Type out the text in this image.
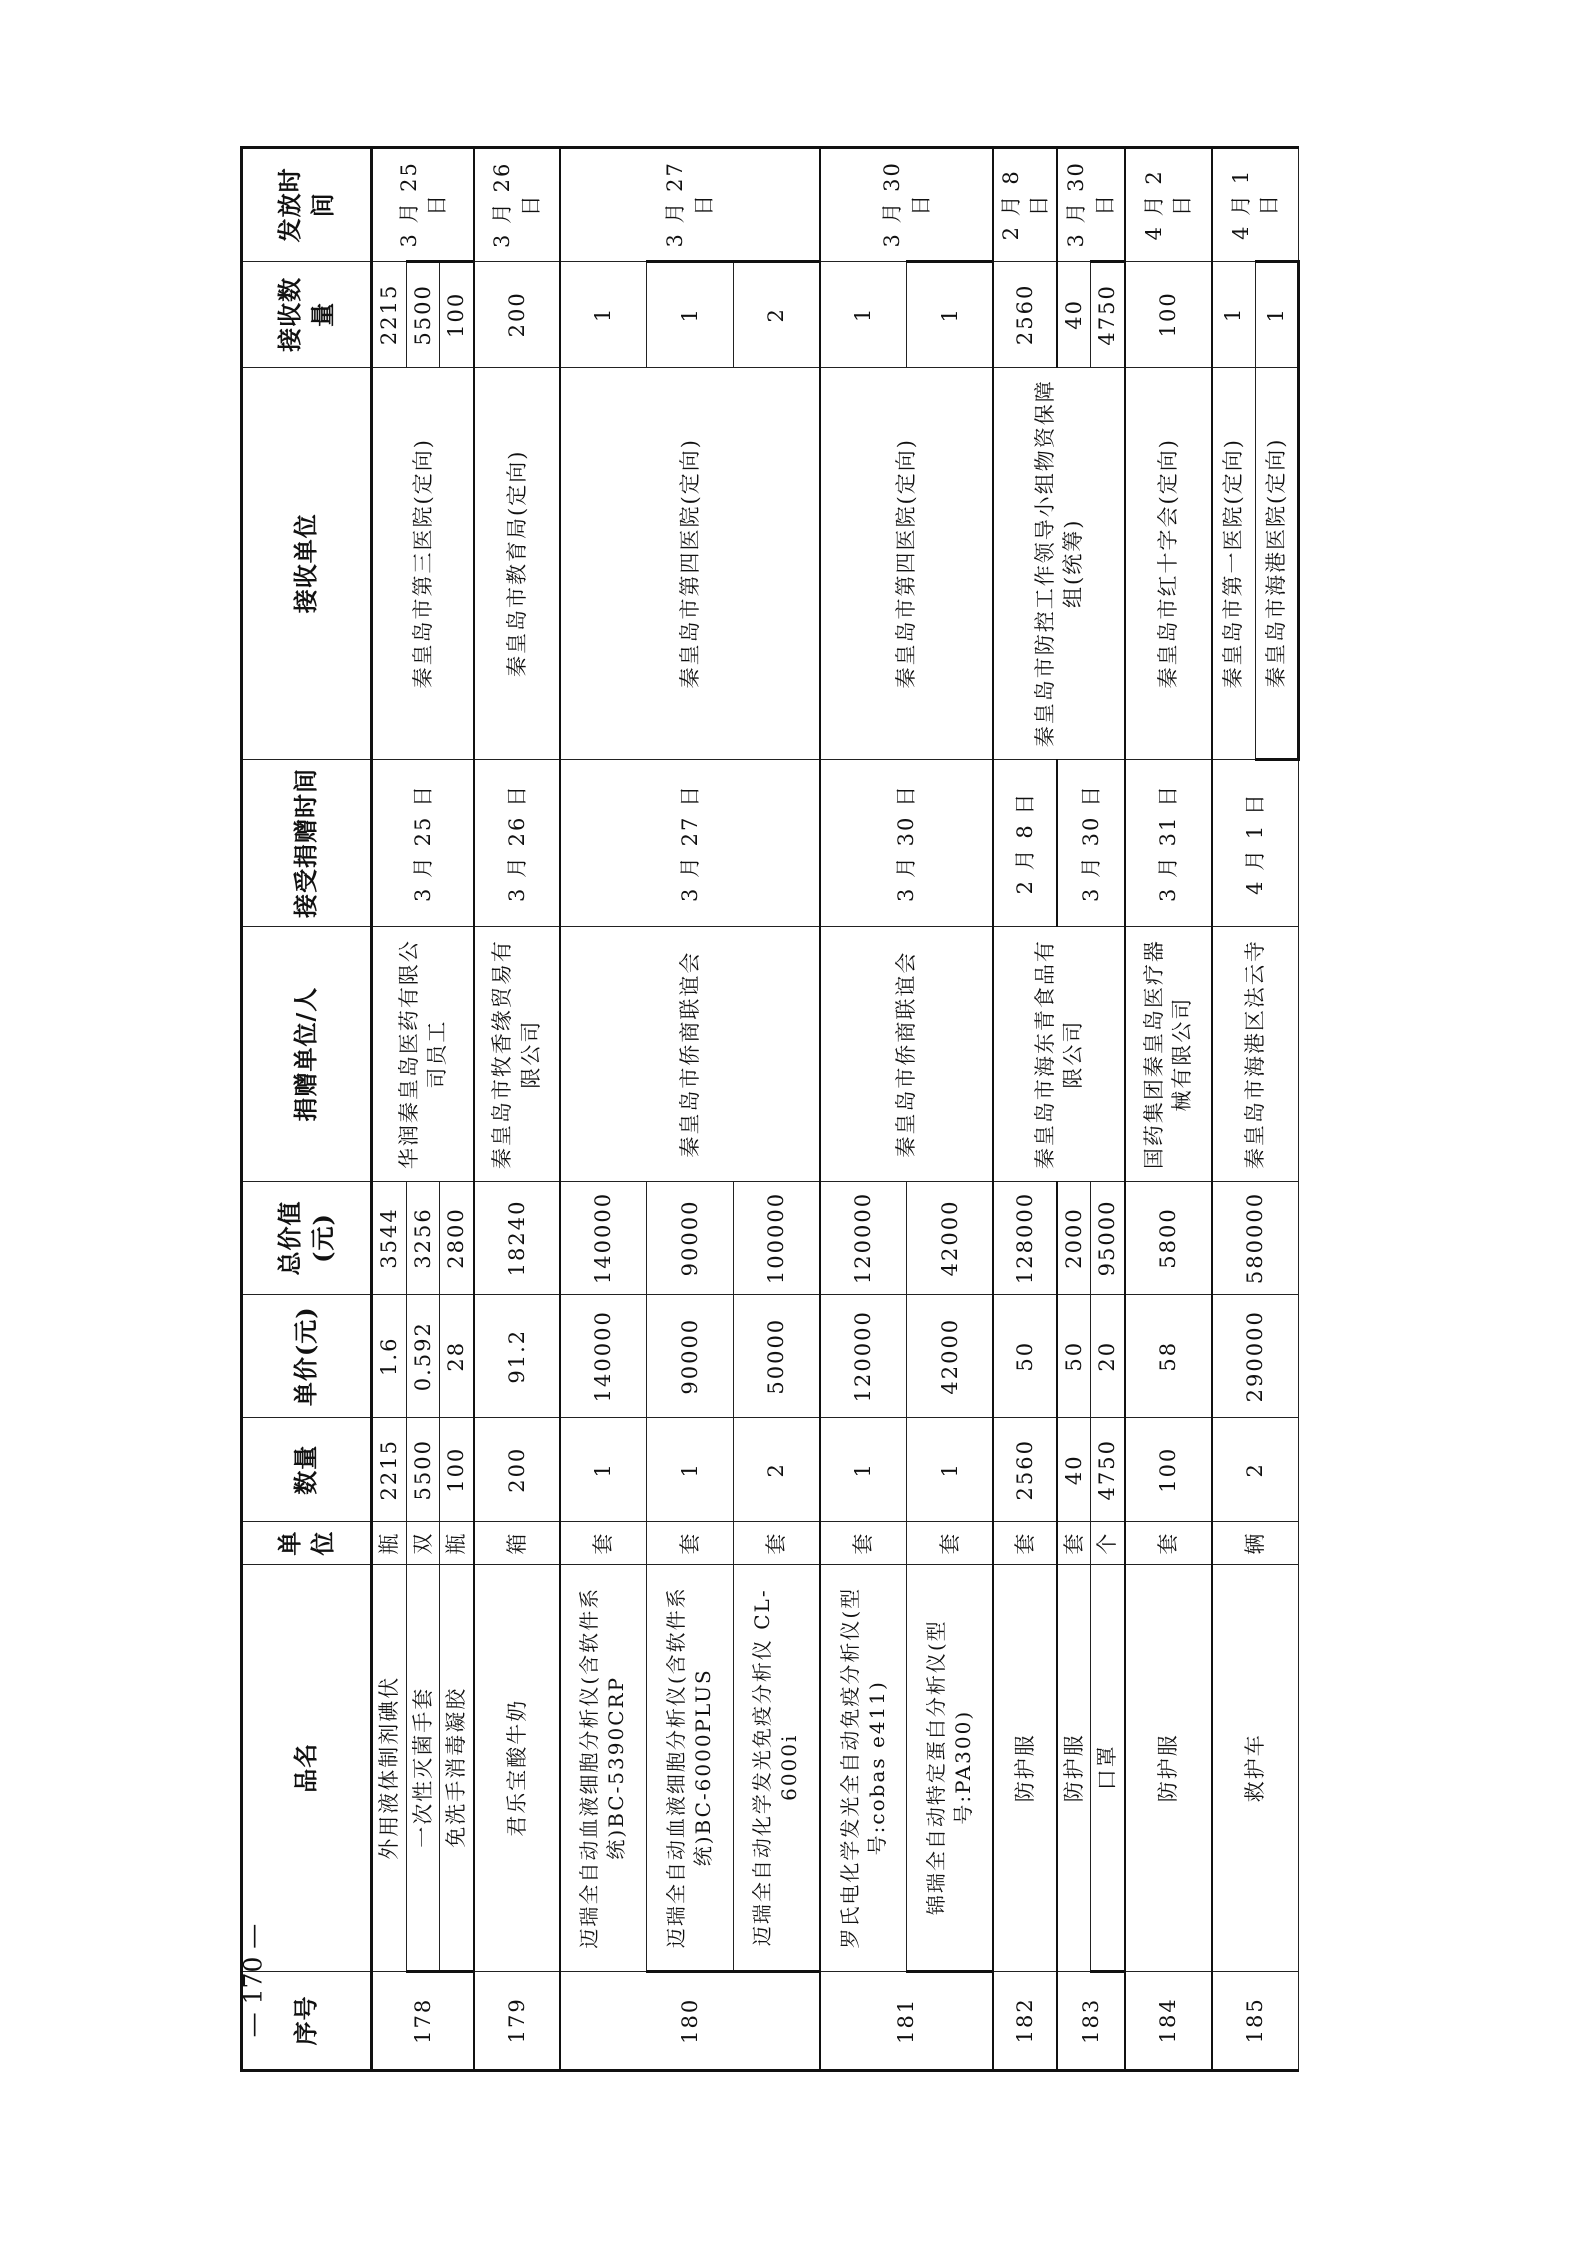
序号	品名	单位	数量	单价(元)	总价值(元)	捐赠单位/人	接受捐赠时间	接收单位	接收数量	发放时间
178	外用液体制剂碘伏	瓶	2215	1.6	3544	华润秦皇岛医药有限公司员工	3 月 25 日	秦皇岛市第三医院(定向)	2215	3 月 25 日
	一次性灭菌手套	双	5500	0.592	3256				5500	
	免洗手消毒凝胶	瓶	100	28	2800				100	
179	君乐宝酸牛奶	箱	200	91.2	18240	秦皇岛市牧香缘贸易有限公司	3 月 26 日	秦皇岛市教育局(定向)	200	3 月 26 日
180	迈瑞全自动血液细胞分析仪(含软件系统)BC-5390CRP	套	1	140000	140000	秦皇岛市侨商联谊会	3 月 27 日	秦皇岛市第四医院(定向)	1	3 月 27 日
	迈瑞全自动血液细胞分析仪(含软件系统)BC-6000PLUS	套	1	90000	90000				1	
	迈瑞全自动化学发光免疫分析仪 CL-6000i	套	2	50000	100000				2	
181	罗氏电化学发光全自动免疫分析仪(型号:cobas e411)	套	1	120000	120000	秦皇岛市侨商联谊会	3 月 30 日	秦皇岛市第四医院(定向)	1	3 月 30 日
	锦瑞全自动特定蛋白分析仪(型号:PA300)	套	1	42000	42000				1	
182	防护服	套	2560	50	128000	秦皇岛市海东青食品有限公司	2 月 8 日	秦皇岛市防控工作领导小组物资保障组(统筹)	2560	2 月 8 日
183	防护服	套	40	50	2000		3 月 30 日		40	3 月 30 日
	口罩	个	4750	20	95000				4750	
184	防护服	套	100	58	5800	国药集团秦皇岛医疗器械有限公司	3 月 31 日	秦皇岛市红十字会(定向)	100	4 月 2 日
185	救护车	辆	2	290000	580000	秦皇岛市海港区法云寺	4 月 1 日	秦皇岛市第一医院(定向)	1	4 月 1 日
								秦皇岛市海港医院(定向)	1	
— 170 —
